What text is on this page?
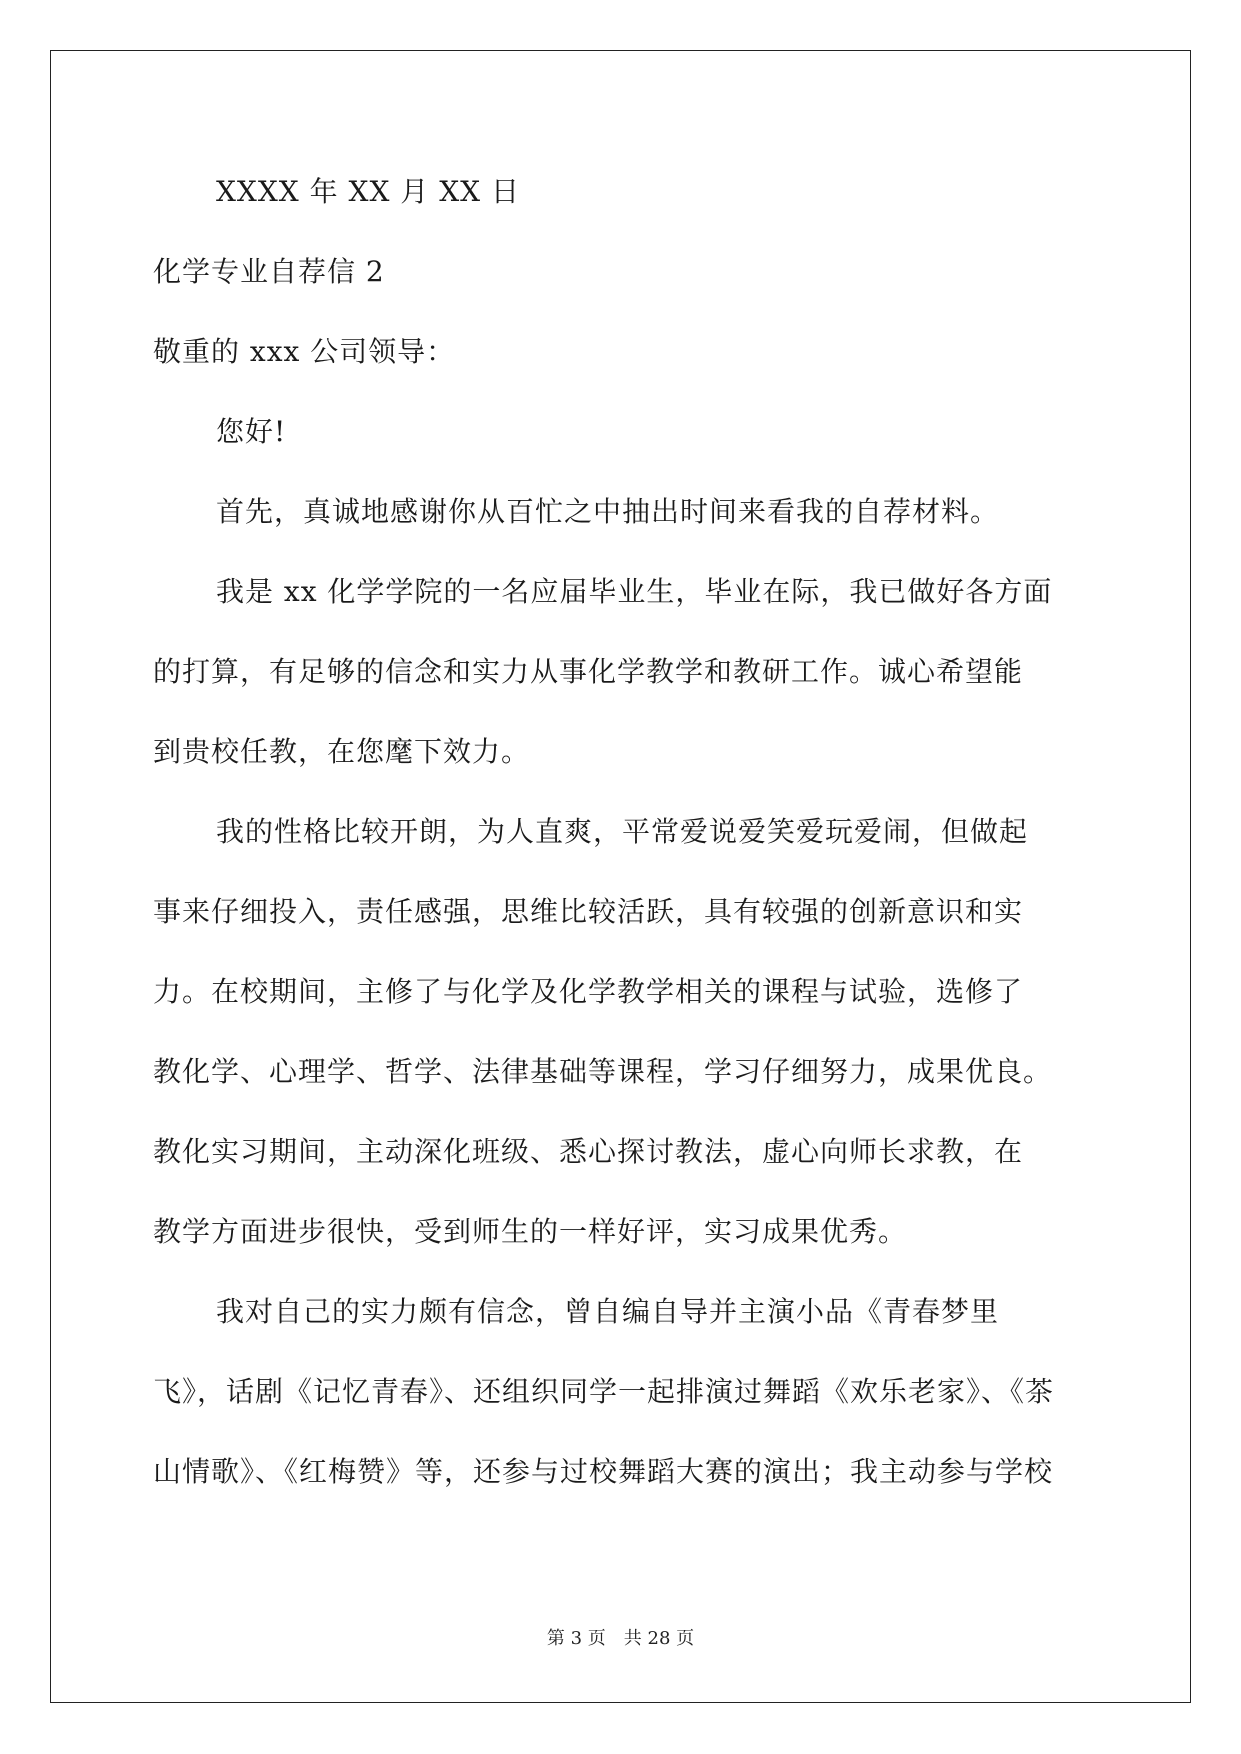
XXXX 年 XX 月 XX 日
化学专业自荐信 2
敬重的 xxx 公司领导：
您好!
首先，真诚地感谢你从百忙之中抽出时间来看我的自荐材料。
我是 xx 化学学院的一名应届毕业生，毕业在际，我已做好各方面
的打算，有足够的信念和实力从事化学教学和教研工作。诚心希望能
到贵校任教，在您麾下效力。
我的性格比较开朗，为人直爽，平常爱说爱笑爱玩爱闹，但做起
事来仔细投入，责任感强，思维比较活跃，具有较强的创新意识和实
力。在校期间，主修了与化学及化学教学相关的课程与试验，选修了
教化学、心理学、哲学、法律基础等课程，学习仔细努力，成果优良。
教化实习期间，主动深化班级、悉心探讨教法，虚心向师长求教，在
教学方面进步很快，受到师生的一样好评，实习成果优秀。
我对自己的实力颇有信念，曾自编自导并主演小品《青春梦里
飞》，话剧《记忆青春》、还组织同学一起排演过舞蹈《欢乐老家》、《茶
山情歌》、《红梅赞》等，还参与过校舞蹈大赛的演出；我主动参与学校
第 3 页 共 28 页
